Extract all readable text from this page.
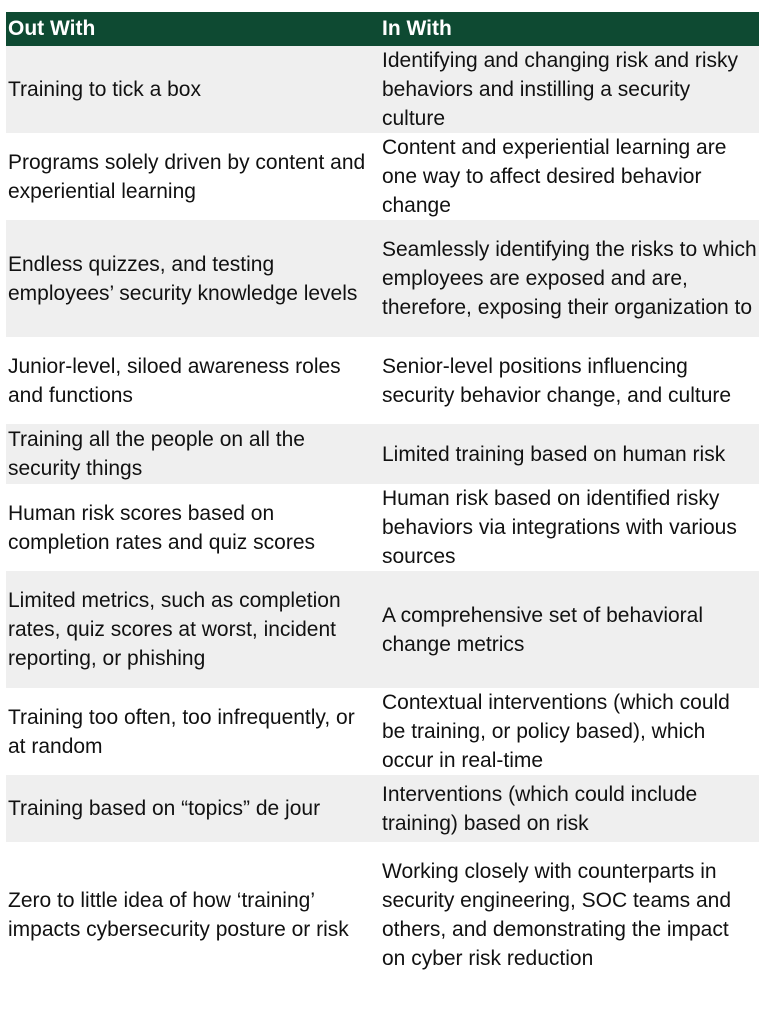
Out With	In With
Training to tick a box	Identifying and changing risk and risky behaviors and instilling a security culture
Programs solely driven by content and experiential learning	Content and experiential learning are one way to affect desired behavior change
Endless quizzes, and testing employees’ security knowledge levels	Seamlessly identifying the risks to which employees are exposed and are, therefore, exposing their organization to
Junior-level, siloed awareness roles and functions	Senior-level positions influencing security behavior change, and culture
Training all the people on all the security things	Limited training based on human risk
Human risk scores based on completion rates and quiz scores	Human risk based on identified risky behaviors via integrations with various sources
Limited metrics, such as completion rates, quiz scores at worst, incident reporting, or phishing	A comprehensive set of behavioral change metrics
Training too often, too infrequently, or at random	Contextual interventions (which could be training, or policy based), which occur in real-time
Training based on “topics” de jour	Interventions (which could include training) based on risk
Zero to little idea of how ‘training’ impacts cybersecurity posture or risk	Working closely with counterparts in security engineering, SOC teams and others, and demonstrating the impact on cyber risk reduction
